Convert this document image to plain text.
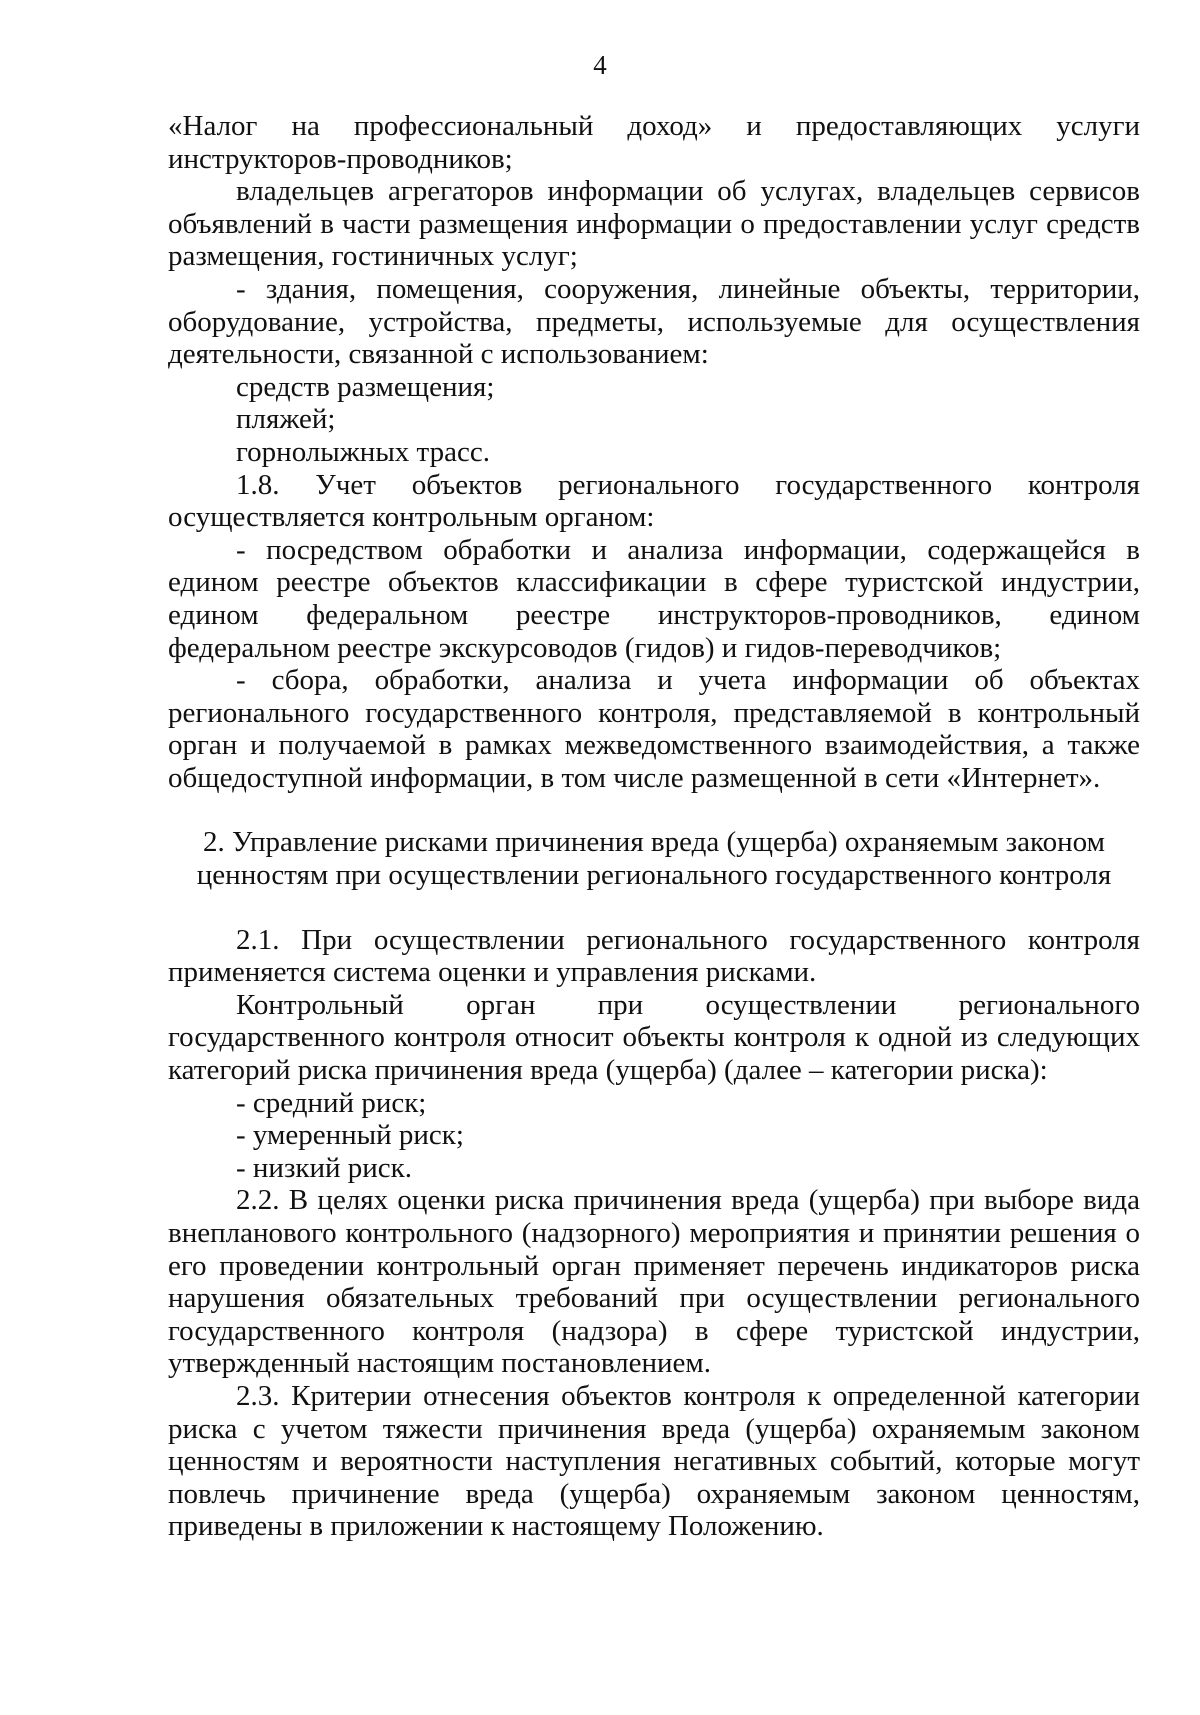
4

«Налог на профессиональный доход» и предоставляющих услуги инструкторов-проводников;

владельцев агрегаторов информации об услугах, владельцев сервисов объявлений в части размещения информации о предоставлении услуг средств размещения, гостиничных услуг;

- здания, помещения, сооружения, линейные объекты, территории, оборудование, устройства, предметы, используемые для осуществления деятельности, связанной с использованием:

средств размещения;

пляжей;

горнолыжных трасс.

1.8. Учет объектов регионального государственного контроля осуществляется контрольным органом:

- посредством обработки и анализа информации, содержащейся в едином реестре объектов классификации в сфере туристской индустрии, едином федеральном реестре инструкторов-проводников, едином федеральном реестре экскурсоводов (гидов) и гидов-переводчиков;

- сбора, обработки, анализа и учета информации об объектах регионального государственного контроля, представляемой в контрольный орган и получаемой в рамках межведомственного взаимодействия, а также общедоступной информации, в том числе размещенной в сети «Интернет».

2. Управление рисками причинения вреда (ущерба) охраняемым законом
ценностям при осуществлении регионального государственного контроля

2.1. При осуществлении регионального государственного контроля применяется система оценки и управления рисками.

Контрольный орган при осуществлении регионального государственного контроля относит объекты контроля к одной из следующих категорий риска причинения вреда (ущерба) (далее – категории риска):

- средний риск;

- умеренный риск;

- низкий риск.

2.2. В целях оценки риска причинения вреда (ущерба) при выборе вида внепланового контрольного (надзорного) мероприятия и принятии решения о его проведении контрольный орган применяет перечень индикаторов риска нарушения обязательных требований при осуществлении регионального государственного контроля (надзора) в сфере туристской индустрии, утвержденный настоящим постановлением.

2.3. Критерии отнесения объектов контроля к определенной категории риска с учетом тяжести причинения вреда (ущерба) охраняемым законом ценностям и вероятности наступления негативных событий, которые могут повлечь причинение вреда (ущерба) охраняемым законом ценностям, приведены в приложении к настоящему Положению.
